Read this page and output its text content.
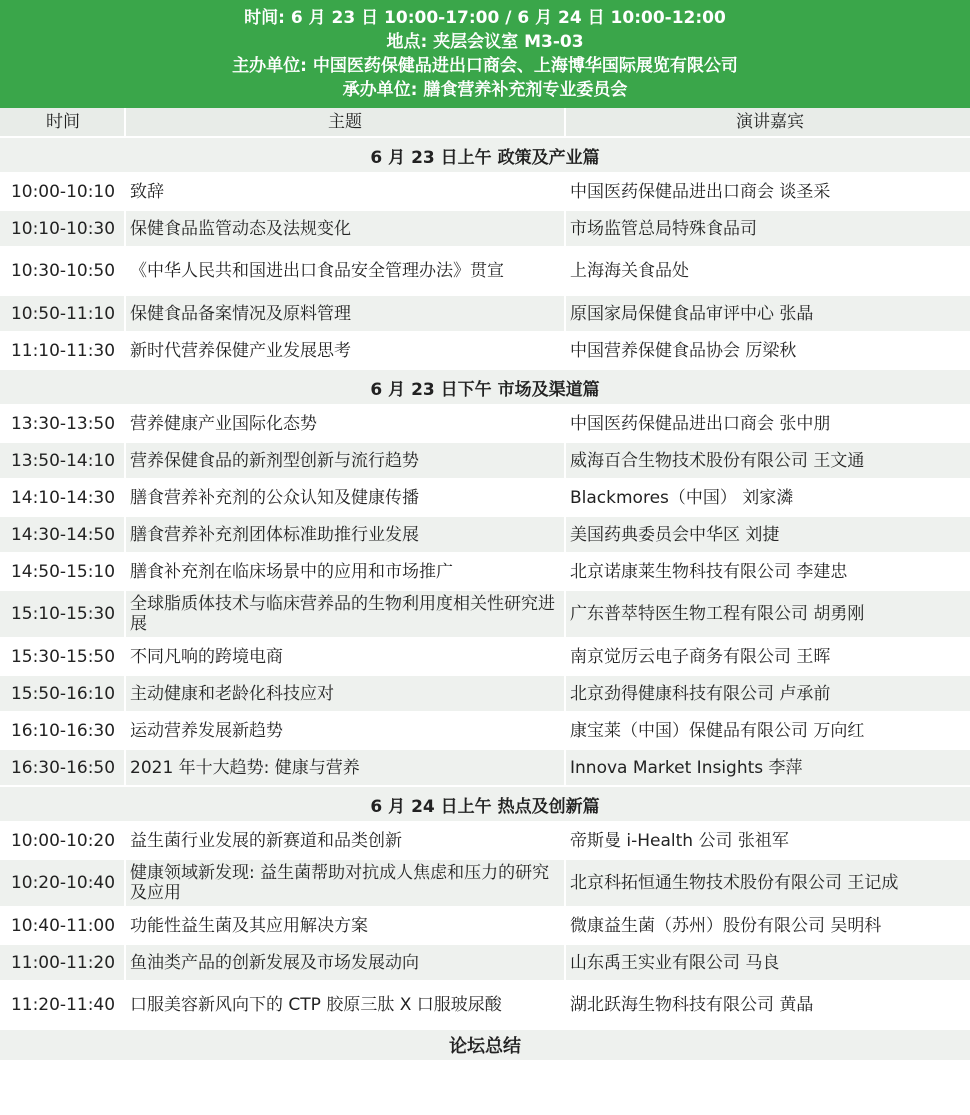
时间: 6 月 23 日 10:00-17:00 / 6 月 24 日 10:00-12:00
地点: 夹层会议室 M3-03
主办单位: 中国医药保健品进出口商会、上海博华国际展览有限公司
承办单位: 膳食营养补充剂专业委员会
时间	主题	演讲嘉宾
6 月 23 日上午 政策及产业篇
10:00-10:10 致辞	中国医药保健品进出口商会 谈圣采
10:10-10:30 保健食品监管动态及法规变化	市场监管总局特殊食品司
10:30-10:50 《中华人民共和国进出口食品安全管理办法》贯宣	上海海关食品处
10:50-11:10 保健食品备案情况及原料管理	原国家局保健食品审评中心 张晶
11:10-11:30 新时代营养保健产业发展思考	中国营养保健食品协会 厉梁秋
6 月 23 日下午 市场及渠道篇
13:30-13:50 营养健康产业国际化态势	中国医药保健品进出口商会 张中朋
13:50-14:10 营养保健食品的新剂型创新与流行趋势	威海百合生物技术股份有限公司 王文通
14:10-14:30 膳食营养补充剂的公众认知及健康传播	Blackmores（中国） 刘家潾
14:30-14:50 膳食营养补充剂团体标准助推行业发展	美国药典委员会中华区 刘捷
14:50-15:10 膳食补充剂在临床场景中的应用和市场推广	北京诺康莱生物科技有限公司 李建忠
15:10-15:30 全球脂质体技术与临床营养品的生物利用度相关性研究进展	广东普萃特医生物工程有限公司 胡勇刚
15:30-15:50 不同凡响的跨境电商	南京觉厉云电子商务有限公司 王晖
15:50-16:10 主动健康和老龄化科技应对	北京劲得健康科技有限公司 卢承前
16:10-16:30 运动营养发展新趋势	康宝莱（中国）保健品有限公司 万向红
16:30-16:50 2021 年十大趋势: 健康与营养	Innova Market Insights 李萍
6 月 24 日上午 热点及创新篇
10:00-10:20 益生菌行业发展的新赛道和品类创新	帝斯曼 i-Health 公司 张祖军
10:20-10:40 健康领域新发现: 益生菌帮助对抗成人焦虑和压力的研究及应用	北京科拓恒通生物技术股份有限公司 王记成
10:40-11:00 功能性益生菌及其应用解决方案	微康益生菌（苏州）股份有限公司 吴明科
11:00-11:20 鱼油类产品的创新发展及市场发展动向	山东禹王实业有限公司 马良
11:20-11:40 口服美容新风向下的 CTP 胶原三肽 X 口服玻尿酸	湖北跃海生物科技有限公司 黄晶
论坛总结
